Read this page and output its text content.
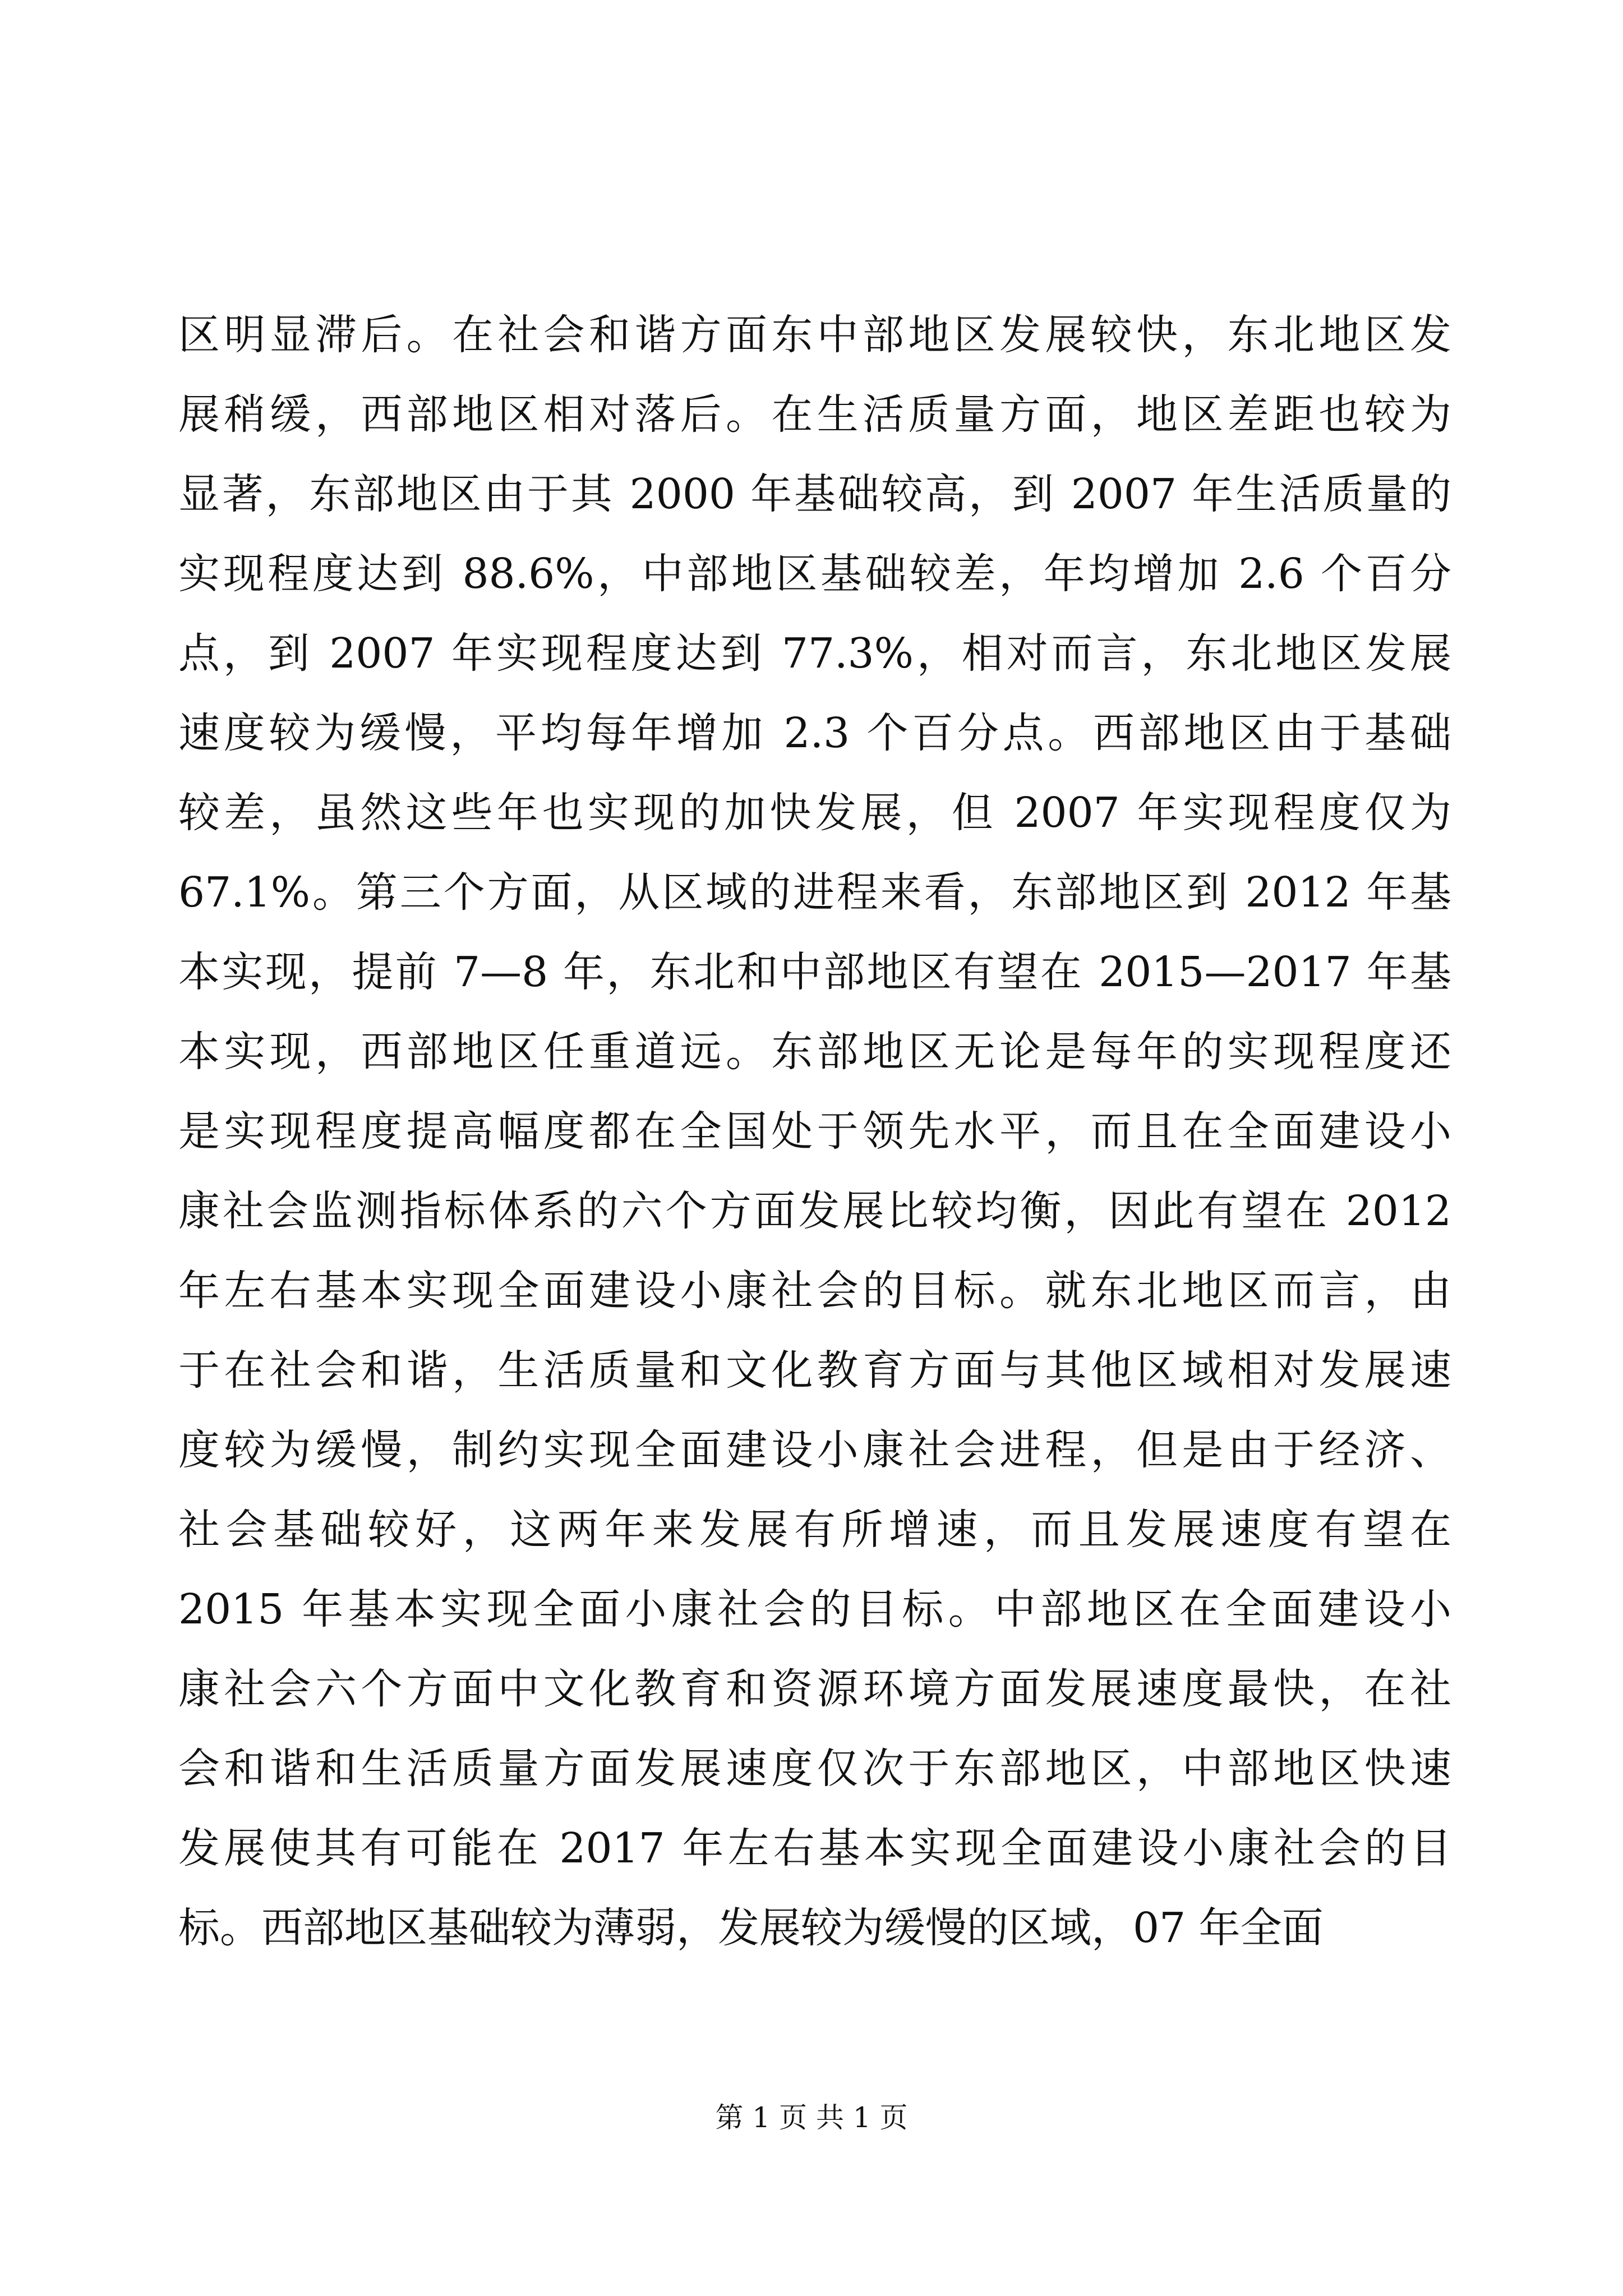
区明显滞后。在社会和谐方面东中部地区发展较快，东北地区发
展稍缓，西部地区相对落后。在生活质量方面，地区差距也较为
显著，东部地区由于其 2000 年基础较高，到 2007 年生活质量的
实现程度达到 88.6%，中部地区基础较差，年均增加 2.6 个百分
点，到 2007 年实现程度达到 77.3%，相对而言，东北地区发展
速度较为缓慢，平均每年增加 2.3 个百分点。西部地区由于基础
较差，虽然这些年也实现的加快发展，但 2007 年实现程度仅为
67.1%。第三个方面，从区域的进程来看，东部地区到 2012 年基
本实现，提前 7—8 年，东北和中部地区有望在 2015—2017 年基
本实现，西部地区任重道远。东部地区无论是每年的实现程度还
是实现程度提高幅度都在全国处于领先水平，而且在全面建设小
康社会监测指标体系的六个方面发展比较均衡，因此有望在 2012
年左右基本实现全面建设小康社会的目标。就东北地区而言，由
于在社会和谐，生活质量和文化教育方面与其他区域相对发展速
度较为缓慢，制约实现全面建设小康社会进程，但是由于经济、
社会基础较好，这两年来发展有所增速，而且发展速度有望在
2015 年基本实现全面小康社会的目标。中部地区在全面建设小
康社会六个方面中文化教育和资源环境方面发展速度最快，在社
会和谐和生活质量方面发展速度仅次于东部地区，中部地区快速
发展使其有可能在 2017 年左右基本实现全面建设小康社会的目
标。西部地区基础较为薄弱，发展较为缓慢的区域，07 年全面
第 1 页 共 1 页
